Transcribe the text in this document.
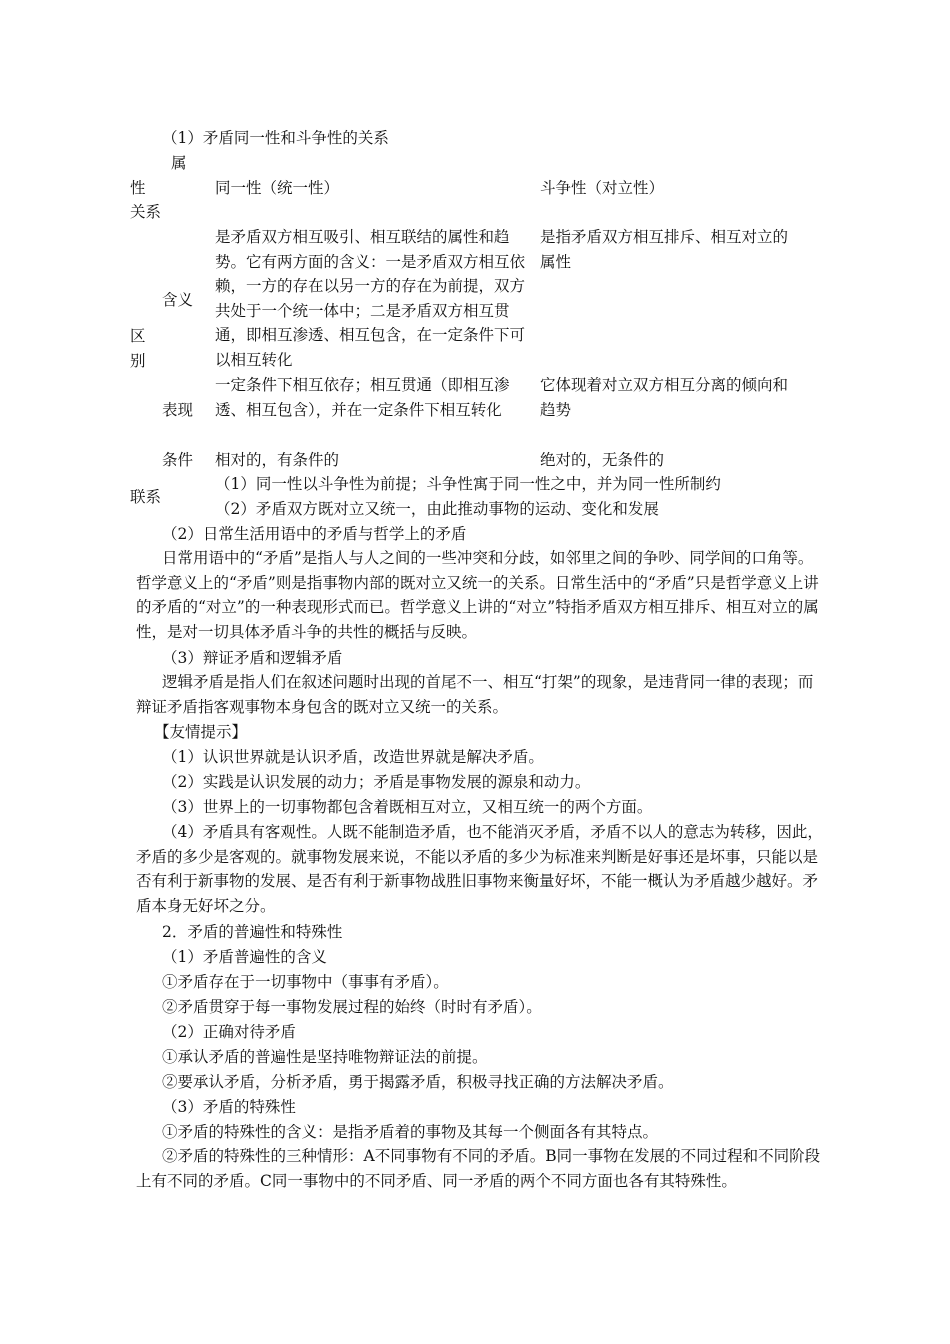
（1）矛盾同一性和斗争性的关系
属
性
关系
同一性（统一性）	斗争性（对立性）
区
别
含义
是矛盾双方相互吸引、相互联结的属性和趋势。它有两方面的含义：一是矛盾双方相互依赖，一方的存在以另一方的存在为前提，双方共处于一个统一体中；二是矛盾双方相互贯通，即相互渗透、相互包含，在一定条件下可以相互转化
是指矛盾双方相互排斥、相互对立的属性
表现
一定条件下相互依存；相互贯通（即相互渗透、相互包含），并在一定条件下相互转化
它体现着对立双方相互分离的倾向和趋势
条件 相对的，有条件的	绝对的，无条件的
联系
（1）同一性以斗争性为前提；斗争性寓于同一性之中，并为同一性所制约
（2）矛盾双方既对立又统一，由此推动事物的运动、变化和发展
（2）日常生活用语中的矛盾与哲学上的矛盾
日常用语中的“矛盾”是指人与人之间的一些冲突和分歧，如邻里之间的争吵、同学间的口角等。哲学意义上的“矛盾”则是指事物内部的既对立又统一的关系。日常生活中的“矛盾”只是哲学意义上讲的矛盾的“对立”的一种表现形式而已。哲学意义上讲的“对立”特指矛盾双方相互排斥、相互对立的属性，是对一切具体矛盾斗争的共性的概括与反映。
（3）辩证矛盾和逻辑矛盾
逻辑矛盾是指人们在叙述问题时出现的首尾不一、相互“打架”的现象，是违背同一律的表现；而辩证矛盾指客观事物本身包含的既对立又统一的关系。
【友情提示】
（1）认识世界就是认识矛盾，改造世界就是解决矛盾。
（2）实践是认识发展的动力；矛盾是事物发展的源泉和动力。
（3）世界上的一切事物都包含着既相互对立，又相互统一的两个方面。
（4）矛盾具有客观性。人既不能制造矛盾，也不能消灭矛盾，矛盾不以人的意志为转移，因此，矛盾的多少是客观的。就事物发展来说，不能以矛盾的多少为标准来判断是好事还是坏事，只能以是否有利于新事物的发展、是否有利于新事物战胜旧事物来衡量好坏，不能一概认为矛盾越少越好。矛盾本身无好坏之分。
2．矛盾的普遍性和特殊性
（1）矛盾普遍性的含义
①矛盾存在于一切事物中（事事有矛盾）。
②矛盾贯穿于每一事物发展过程的始终（时时有矛盾）。
（2）正确对待矛盾
①承认矛盾的普遍性是坚持唯物辩证法的前提。
②要承认矛盾，分析矛盾，勇于揭露矛盾，积极寻找正确的方法解决矛盾。
（3）矛盾的特殊性
①矛盾的特殊性的含义：是指矛盾着的事物及其每一个侧面各有其特点。
②矛盾的特殊性的三种情形：A不同事物有不同的矛盾。B同一事物在发展的不同过程和不同阶段上有不同的矛盾。C同一事物中的不同矛盾、同一矛盾的两个不同方面也各有其特殊性。
